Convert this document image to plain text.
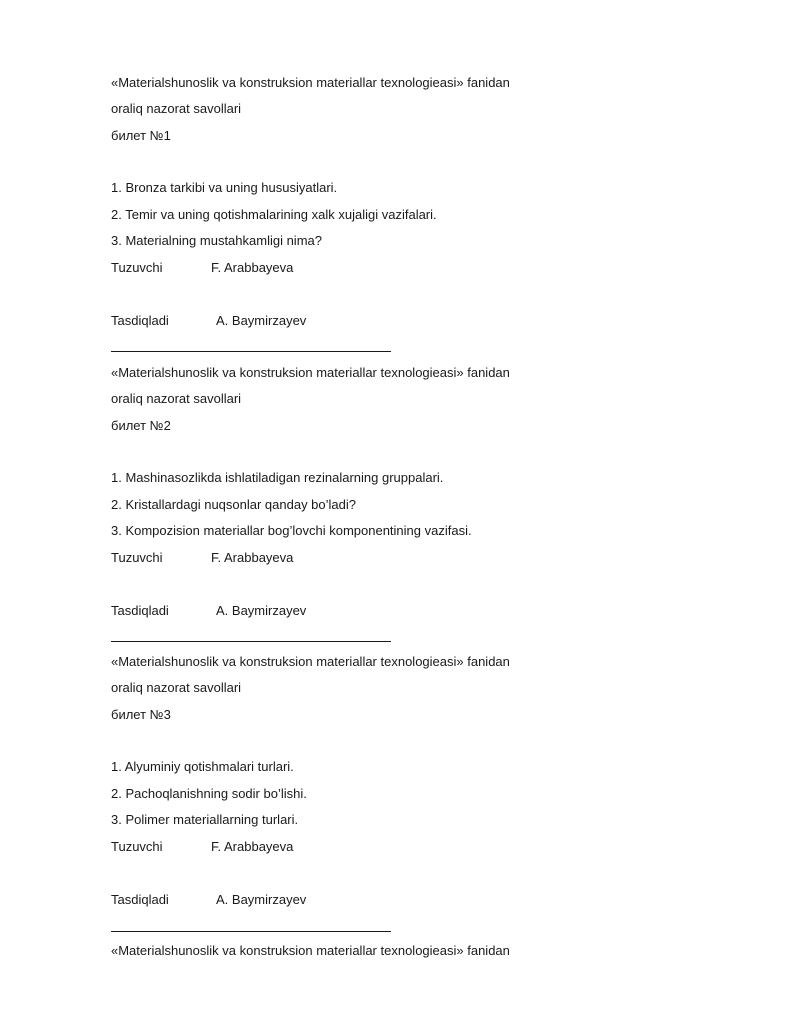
«Materialshunoslik va konstruksion materiallar texnologieasi» fanidan
oraliq nazorat savollari
билет №1
1. Bronza tarkibi va uning hususiyatlari.
2. Temir va uning qotishmalarining xalk xujaligi vazifalari.
3. Materialning mustahkamligi nima?
Tuzuvchi	F. Arabbayeva
Tasdiqladi	A. Baymirzayev
«Materialshunoslik va konstruksion materiallar texnologieasi» fanidan
oraliq nazorat savollari
билет №2
1. Mashinasozlikda ishlatiladigan rezinalarning gruppalari.
2. Kristallardagi nuqsonlar qanday bo’ladi?
3. Kompozision materiallar bog’lovchi komponentining vazifasi.
Tuzuvchi	F. Arabbayeva
Tasdiqladi	A. Baymirzayev
«Materialshunoslik va konstruksion materiallar texnologieasi» fanidan
oraliq nazorat savollari
билет №3
1. Alyuminiy qotishmalari turlari.
2. Pachoqlanishning sodir bo’lishi.
3. Polimer materiallarning turlari.
Tuzuvchi	F. Arabbayeva
Tasdiqladi	A. Baymirzayev
«Materialshunoslik va konstruksion materiallar texnologieasi» fanidan
